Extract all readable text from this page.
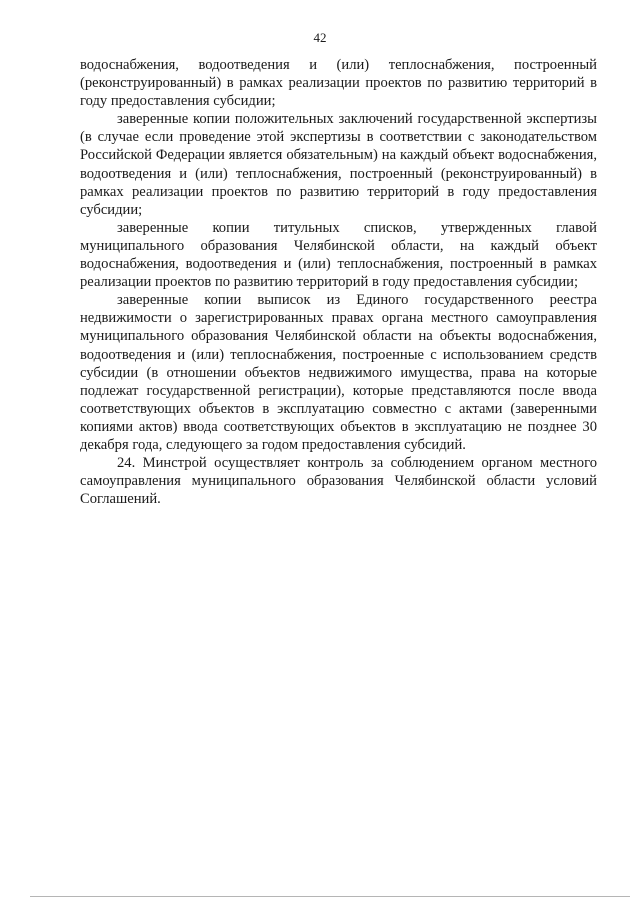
42

водоснабжения, водоотведения и (или) теплоснабжения, построенный (реконструированный) в рамках реализации проектов по развитию территорий в году предоставления субсидии;

заверенные копии положительных заключений государственной экспертизы (в случае если проведение этой экспертизы в соответствии с законодательством Российской Федерации является обязательным) на каждый объект водоснабжения, водоотведения и (или) теплоснабжения, построенный (реконструированный) в рамках реализации проектов по развитию территорий в году предоставления субсидии;

заверенные копии титульных списков, утвержденных главой муниципального образования Челябинской области, на каждый объект водоснабжения, водоотведения и (или) теплоснабжения, построенный в рамках реализации проектов по развитию территорий в году предоставления субсидии;

заверенные копии выписок из Единого государственного реестра недвижимости о зарегистрированных правах органа местного самоуправления муниципального образования Челябинской области на объекты водоснабжения, водоотведения и (или) теплоснабжения, построенные с использованием средств субсидии (в отношении объектов недвижимого имущества, права на которые подлежат государственной регистрации), которые представляются после ввода соответствующих объектов в эксплуатацию совместно с актами (заверенными копиями актов) ввода соответствующих объектов в эксплуатацию не позднее 30 декабря года, следующего за годом предоставления субсидий.

24. Минстрой осуществляет контроль за соблюдением органом местного самоуправления муниципального образования Челябинской области условий Соглашений.
